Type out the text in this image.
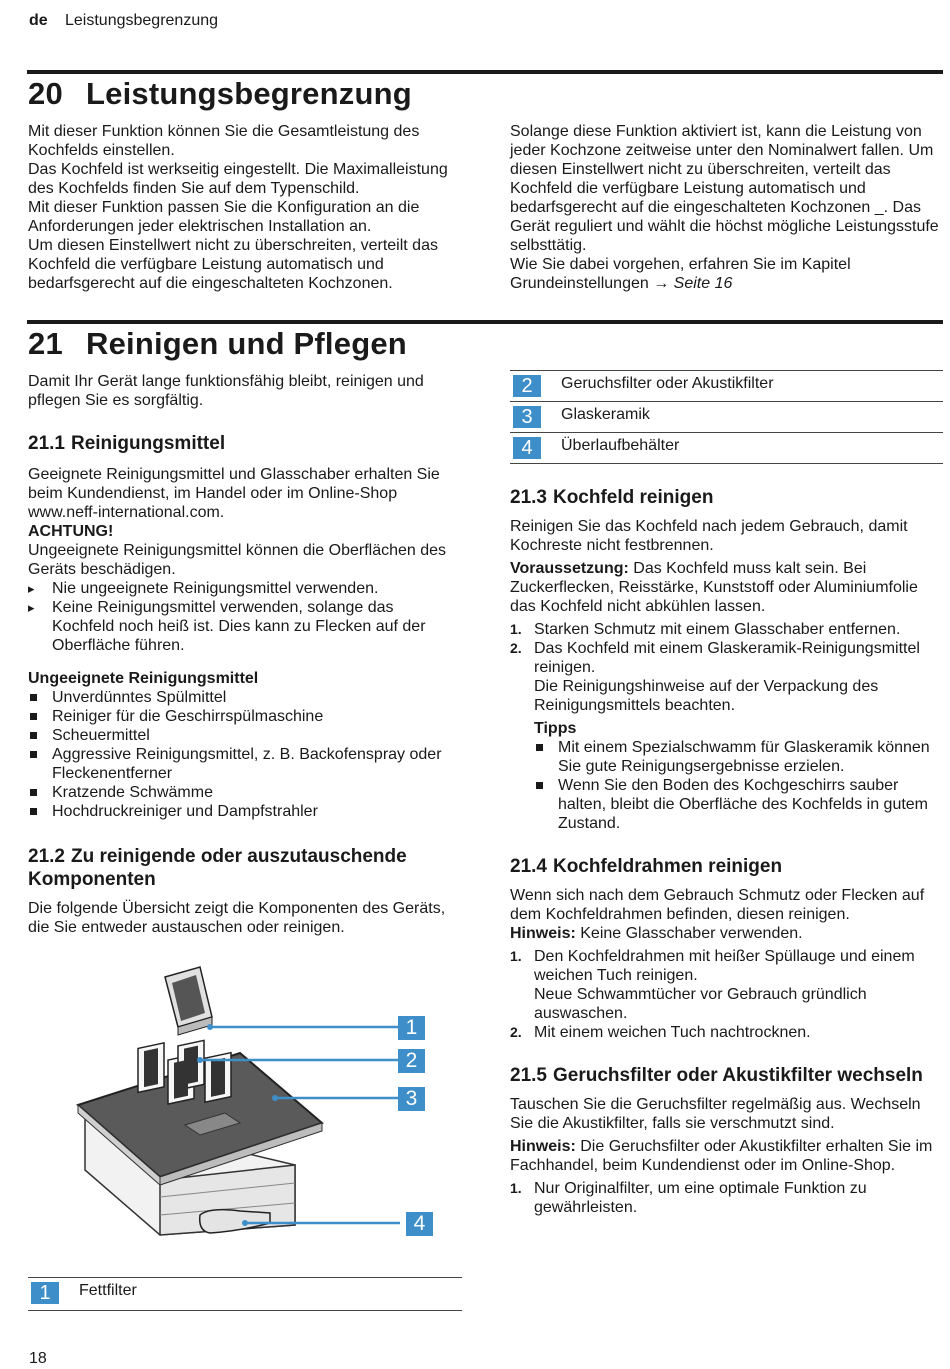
de Leistungsbegrenzung
20 Leistungsbegrenzung

Mit dieser Funktion können Sie die Gesamtleistung des Kochfelds einstellen.

Das Kochfeld ist werkseitig eingestellt. Die Maximalleistung des Kochfelds finden Sie auf dem Typenschild.

Mit dieser Funktion passen Sie die Konfiguration an die Anforderungen jeder elektrischen Installation an.

Um diesen Einstellwert nicht zu überschreiten, verteilt das Kochfeld die verfügbare Leistung automatisch und bedarfsgerecht auf die eingeschalteten Kochzonen.

Solange diese Funktion aktiviert ist, kann die Leistung von jeder Kochzone zeitweise unter den Nominalwert fallen. Um diesen Einstellwert nicht zu überschreiten, verteilt das Kochfeld die verfügbare Leistung automatisch und bedarfsgerecht auf die eingeschalteten Kochzonen _. Das Gerät reguliert und wählt die höchst mögliche Leistungsstufe selbsttätig.

Wie Sie dabei vorgehen, erfahren Sie im Kapitel Grundeinstellungen → Seite 16

21 Reinigen und Pflegen

Damit Ihr Gerät lange funktionsfähig bleibt, reinigen und pflegen Sie es sorgfältig.

21.1 Reinigungsmittel

Geeignete Reinigungsmittel und Glasschaber erhalten Sie beim Kundendienst, im Handel oder im Online-Shop www.neff-international.com.

ACHTUNG!

Ungeeignete Reinigungsmittel können die Oberflächen des Geräts beschädigen.

▸ Nie ungeeignete Reinigungsmittel verwenden.
▸ Keine Reinigungsmittel verwenden, solange das Kochfeld noch heiß ist. Dies kann zu Flecken auf der Oberfläche führen.

Ungeeignete Reinigungsmittel

Unverdünntes Spülmittel
Reiniger für die Geschirrspülmaschine
Scheuermittel
Aggressive Reinigungsmittel, z. B. Backofenspray oder Fleckenentferner
Kratzende Schwämme
Hochdruckreiniger und Dampfstrahler
21.2 Zu reinigende oder auszutauschende Komponenten

Die folgende Übersicht zeigt die Komponenten des Geräts, die Sie entweder austauschen oder reinigen.

1
2
3
4
1	Fettfilter
2	Geruchsfilter oder Akustikfilter
3	Glaskeramik
4	Überlaufbehälter
21.3 Kochfeld reinigen

Reinigen Sie das Kochfeld nach jedem Gebrauch, damit Kochreste nicht festbrennen.

Voraussetzung: Das Kochfeld muss kalt sein. Bei Zuckerflecken, Reisstärke, Kunststoff oder Aluminiumfolie das Kochfeld nicht abkühlen lassen.

1. Starken Schmutz mit einem Glasschaber entfernen.
2. Das Kochfeld mit einem Glaskeramik-Reinigungsmittel reinigen.
Die Reinigungshinweise auf der Verpackung des Reinigungsmittels beachten.

Tipps

Mit einem Spezialschwamm für Glaskeramik können Sie gute Reinigungsergebnisse erzielen.
Wenn Sie den Boden des Kochgeschirrs sauber halten, bleibt die Oberfläche des Kochfelds in gutem Zustand.
21.4 Kochfeldrahmen reinigen

Wenn sich nach dem Gebrauch Schmutz oder Flecken auf dem Kochfeldrahmen befinden, diesen reinigen.

Hinweis: Keine Glasschaber verwenden.

1. Den Kochfeldrahmen mit heißer Spüllauge und einem weichen Tuch reinigen.
Neue Schwammtücher vor Gebrauch gründlich auswaschen.
2. Mit einem weichen Tuch nachtrocknen.
21.5 Geruchsfilter oder Akustikfilter wechseln

Tauschen Sie die Geruchsfilter regelmäßig aus. Wechseln Sie die Akustikfilter, falls sie verschmutzt sind.

Hinweis: Die Geruchsfilter oder Akustikfilter erhalten Sie im Fachhandel, beim Kundendienst oder im Online-Shop.

1. Nur Originalfilter, um eine optimale Funktion zu gewährleisten.
18
